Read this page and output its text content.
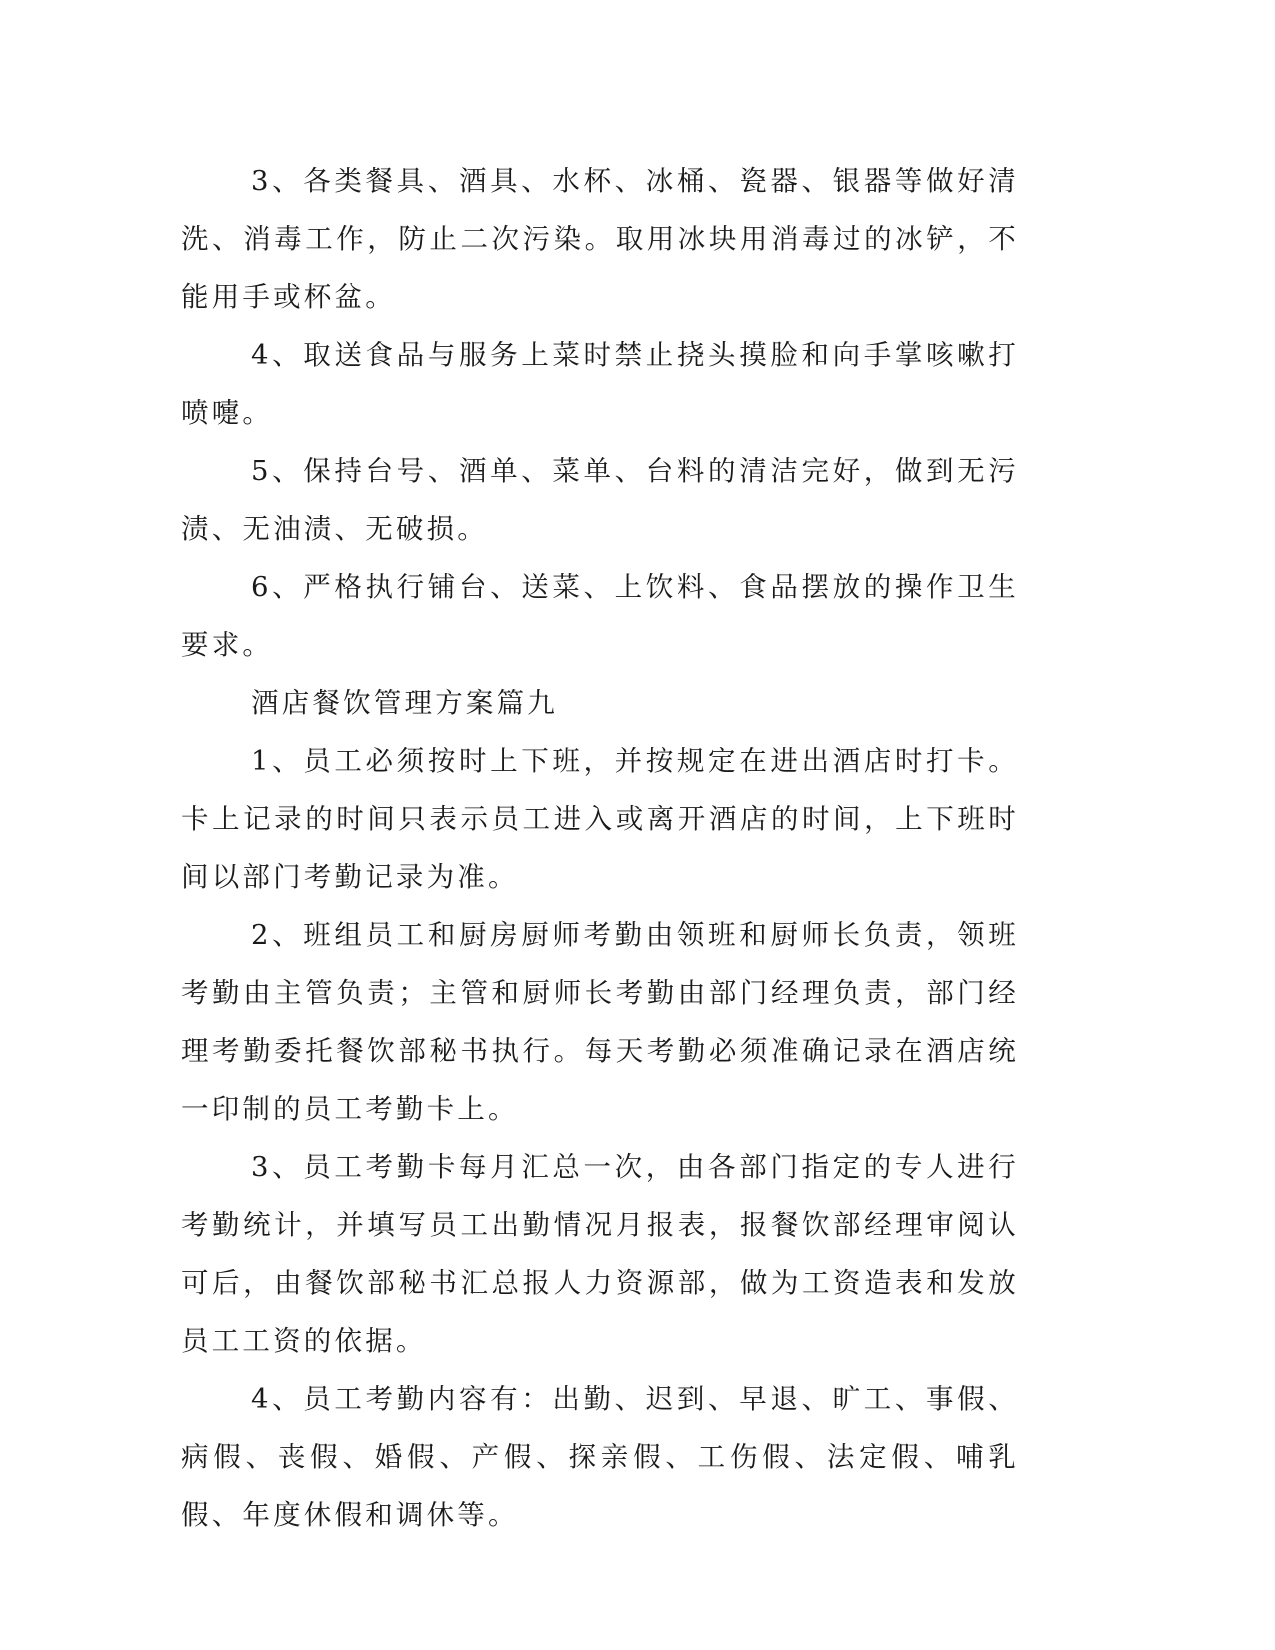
3、各类餐具、酒具、水杯、冰桶、瓷器、银器等做好清洗、消毒工作，防止二次污染。取用冰块用消毒过的冰铲，不能用手或杯盆。

4、取送食品与服务上菜时禁止挠头摸脸和向手掌咳嗽打喷嚏。

5、保持台号、酒单、菜单、台料的清洁完好，做到无污渍、无油渍、无破损。

6、严格执行铺台、送菜、上饮料、食品摆放的操作卫生要求。

酒店餐饮管理方案篇九

1、员工必须按时上下班，并按规定在进出酒店时打卡。卡上记录的时间只表示员工进入或离开酒店的时间，上下班时间以部门考勤记录为准。

2、班组员工和厨房厨师考勤由领班和厨师长负责，领班考勤由主管负责；主管和厨师长考勤由部门经理负责，部门经理考勤委托餐饮部秘书执行。每天考勤必须准确记录在酒店统一印制的员工考勤卡上。

3、员工考勤卡每月汇总一次，由各部门指定的专人进行考勤统计，并填写员工出勤情况月报表，报餐饮部经理审阅认可后，由餐饮部秘书汇总报人力资源部，做为工资造表和发放员工工资的依据。

4、员工考勤内容有：出勤、迟到、早退、旷工、事假、病假、丧假、婚假、产假、探亲假、工伤假、法定假、哺乳假、年度休假和调休等。
